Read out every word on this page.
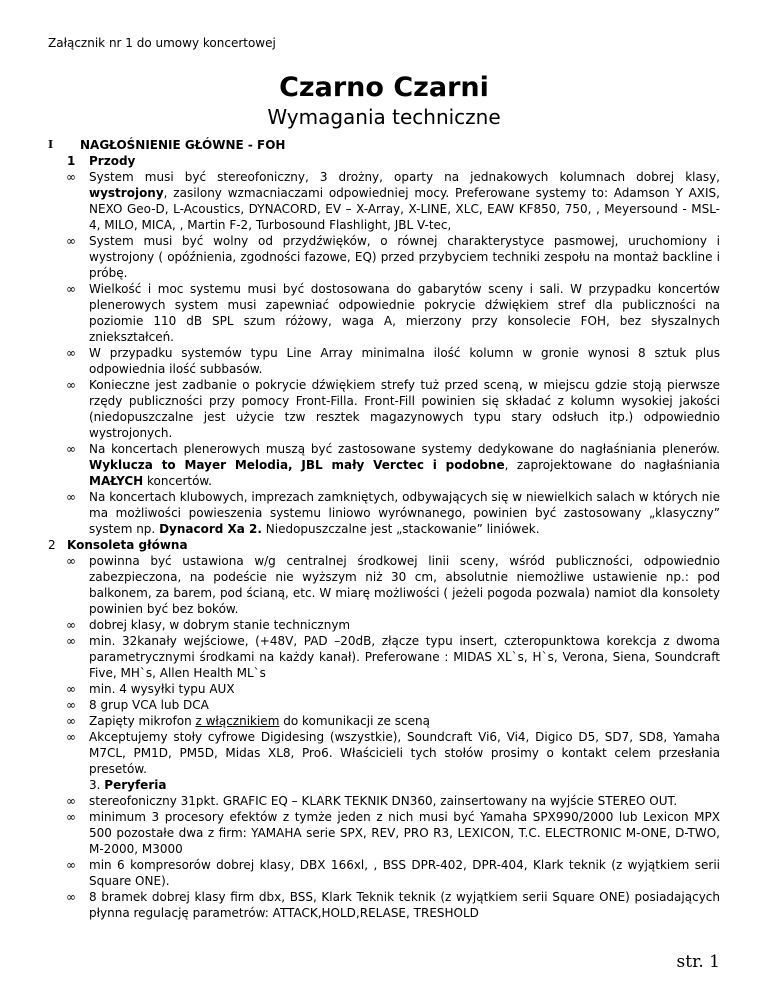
Załącznik nr 1 do umowy koncertowej
Czarno Czarni
Wymagania techniczne
I NAGŁOŚNIENIE GŁÓWNE - FOH
1 Przody
∞ System musi być stereofoniczny, 3 drożny, oparty na jednakowych kolumnach dobrej klasy, wystrojony, zasilony wzmacniaczami odpowiedniej mocy. Preferowane systemy to: Adamson Y AXIS, NEXO Geo-D, L-Acoustics, DYNACORD, EV – X-Array, X-LINE, XLC, EAW KF850, 750, , Meyersound - MSL-4, MILO, MICA, , Martin F-2, Turbosound Flashlight, JBL V-tec,
∞ System musi być wolny od przydźwięków, o równej charakterystyce pasmowej, uruchomiony i wystrojony ( opóźnienia, zgodności fazowe, EQ) przed przybyciem techniki zespołu na montaż backline i próbę.
∞ Wielkość i moc systemu musi być dostosowana do gabarytów sceny i sali. W przypadku koncertów plenerowych system musi zapewniać odpowiednie pokrycie dźwiękiem stref dla publiczności na poziomie 110 dB SPL szum różowy, waga A, mierzony przy konsolecie FOH, bez słyszalnych zniekształceń.
∞ W przypadku systemów typu Line Array minimalna ilość kolumn w gronie wynosi 8 sztuk plus odpowiednia ilość subbasów.
∞ Konieczne jest zadbanie o pokrycie dźwiękiem strefy tuż przed sceną, w miejscu gdzie stoją pierwsze rzędy publiczności przy pomocy Front-Filla. Front-Fill powinien się składać z kolumn wysokiej jakości (niedopuszczalne jest użycie tzw resztek magazynowych typu stary odsłuch itp.) odpowiednio wystrojonych.
∞ Na koncertach plenerowych muszą być zastosowane systemy dedykowane do nagłaśniania plenerów. Wyklucza to Mayer Melodia, JBL mały Verctec i podobne, zaprojektowane do nagłaśniania MAŁYCH koncertów.
∞ Na koncertach klubowych, imprezach zamkniętych, odbywających się w niewielkich salach w których nie ma możliwości powieszenia systemu liniowo wyrównanego, powinien być zastosowany „klasyczny” system np. Dynacord Xa 2. Niedopuszczalne jest „stackowanie” liniówek.
2 Konsoleta główna
∞ powinna być ustawiona w/g centralnej środkowej linii sceny, wśród publiczności, odpowiednio zabezpieczona, na podeście nie wyższym niż 30 cm, absolutnie niemożliwe ustawienie np.: pod balkonem, za barem, pod ścianą, etc. W miarę możliwości ( jeżeli pogoda pozwala) namiot dla konsolety powinien być bez boków.
∞ dobrej klasy, w dobrym stanie technicznym
∞ min. 32kanały wejściowe, (+48V, PAD –20dB, złącze typu insert, czteropunktowa korekcja z dwoma parametrycznymi środkami na każdy kanał). Preferowane : MIDAS XL`s, H`s, Verona, Siena, Soundcraft Five, MH`s, Allen Health ML`s
∞ min. 4 wysyłki typu AUX
∞ 8 grup VCA lub DCA
∞ Zapięty mikrofon z włącznikiem do komunikacji ze sceną
∞ Akceptujemy stoły cyfrowe Digidesing (wszystkie), Soundcraft Vi6, Vi4, Digico D5, SD7, SD8, Yamaha M7CL, PM1D, PM5D, Midas XL8, Pro6. Właścicieli tych stołów prosimy o kontakt celem przesłania presetów.
3. Peryferia
∞ stereofoniczny 31pkt. GRAFIC EQ – KLARK TEKNIK DN360, zainsertowany na wyjście STEREO OUT.
∞ minimum 3 procesory efektów z tymże jeden z nich musi być Yamaha SPX990/2000 lub Lexicon MPX 500 pozostałe dwa z firm: YAMAHA serie SPX, REV, PRO R3, LEXICON, T.C. ELECTRONIC M-ONE, D-TWO, M-2000, M3000
∞ min 6 kompresorów dobrej klasy, DBX 166xl, , BSS DPR-402, DPR-404, Klark teknik (z wyjątkiem serii Square ONE).
∞ 8 bramek dobrej klasy firm dbx, BSS, Klark Teknik teknik (z wyjątkiem serii Square ONE) posiadających płynna regulację parametrów: ATTACK,HOLD,RELASE, TRESHOLD
str. 1
